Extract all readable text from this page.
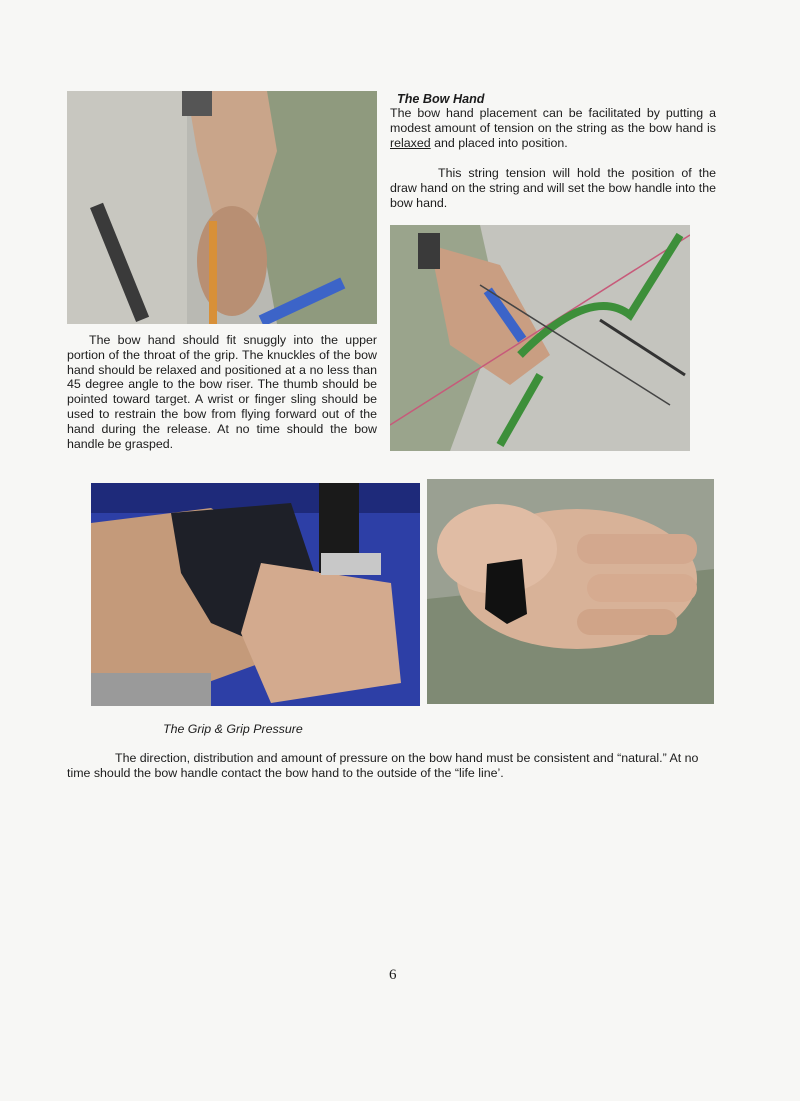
The Bow Hand
The bow hand placement can be facilitated by putting a modest amount of tension on the string as the bow hand is relaxed and placed into position.
This string tension will hold the position of the draw hand on the string and will set the bow handle into the bow hand.
The bow hand should fit snuggly into the upper portion of the throat of the grip. The knuckles of the bow hand should be relaxed and positioned at a no less than 45 degree angle to the bow riser. The thumb should be pointed toward target. A wrist or finger sling should be used to restrain the bow from flying forward out of the hand during the release. At no time should the bow handle be grasped.
The Grip & Grip Pressure
The direction, distribution and amount of pressure on the bow hand must be consistent and “natural.” At no time should the bow handle contact the bow hand to the outside of the “life line’.
6
